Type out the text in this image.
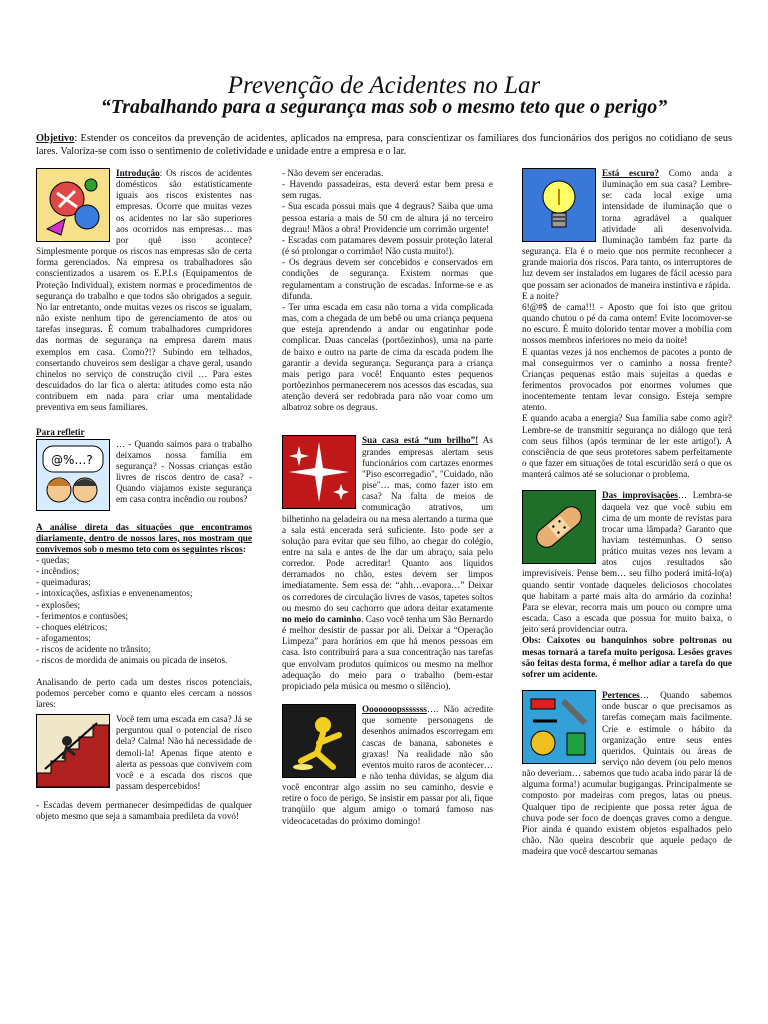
Prevenção de Acidentes no Lar
“Trabalhando para a segurança mas sob o mesmo teto que o perigo”
Objetivo: Estender os conceitos da prevenção de acidentes, aplicados na empresa, para conscientizar os familiares dos funcionários dos perigos no cotidiano de seus lares. Valoriza-se com isso o sentimento de coletividade e unidade entre a empresa e o lar.
Introdução: Os riscos de acidentes domésticos são estatisticamente iguais aos riscos existentes nas empresas. Ocorre que muitas vezes os acidentes no lar são superiores aos ocorridos nas empresas… mas por quê isso acontece? Simplesmente porque os riscos nas empresas são de certa forma gerenciados. Na empresa os trabalhadores são conscientizados a usarem os E.P.I.s (Equipamentos de Proteção Individual), existem normas e procedimentos de segurança do trabalho e que todos são obrigados a seguir. No lar entretanto, onde muitas vezes os riscos se igualam, não existe nenhum tipo de gerenciamento de atos ou tarefas inseguras. É comum trabalhadores cumpridores das normas de segurança na empresa darem maus exemplos em casa. Como?!? Subindo em telhados, consertando chuveiros sem desligar a chave geral, usando chinelos no serviço de construção civil … Para estes descuidados do lar fica o alerta: atitudes como esta não contribuem em nada para criar uma mentalidade preventiva em seus familiares.
Para refletir
@%…?
… - Quando saímos para o trabalho deixamos nossa família em segurança? - Nossas crianças estão livres de riscos dentro de casa? - Quando viajamos existe segurança em casa contra incêndio ou roubos?
A análise direta das situações que encontramos diariamente, dentro de nossos lares, nos mostram que convivemos sob o mesmo teto com os seguintes riscos:
- quedas;
- incêndios;
- queimaduras;
- intoxicações, asfixias e envenenamentos;
- explosões;
- ferimentos e contusões;
- choques elétricos;
- afogamentos;
- riscos de acidente no trânsito;
- riscos de mordida de animais ou picada de insetos.
Analisando de perto cada um destes riscos potenciais, podemos perceber como e quanto eles cercam a nossos lares:
Você tem uma escada em casa? Já se perguntou qual o potencial de risco dela? Calma! Não há necessidade de demoli-la! Apenas fique atento e alerta as pessoas que convivem com você e a escada dos riscos que passam despercebidos!
- Escadas devem permanecer desimpedidas de qualquer objeto mesmo que seja a samambaia predileta da vovó!
- Não devem ser enceradas.
- Havendo passadeiras, esta deverá estar bem presa e sem rugas.
- Sua escada possui mais que 4 degraus? Saiba que uma pessoa estaria a mais de 50 cm de altura já no terceiro degrau! Mãos a obra! Providencie um corrimão urgente!
- Escadas com patamares devem possuir proteção lateral (é só prolongar o corrimão! Não custa muito!).
- Os degraus devem ser concebidos e conservados em condições de segurança. Existem normas que regulamentam a construção de escadas. Informe-se e as difunda.
- Ter uma escada em casa não torna a vida complicada mas, com a chegada de um bebê ou uma criança pequena que esteja aprendendo a andar ou engatinhar pode complicar. Duas cancelas (portõezinhos), uma na parte de baixo e outro na parte de cima da escada podem lhe garantir a devida segurança. Segurança para a criança mais perigo para você! Enquanto estes pequenos portõezinhos permanecerem nos acessos das escadas, sua atenção deverá ser redobrada para não voar como um albatroz sobre os degraus.
Sua casa está “um brilho”! As grandes empresas alertam seus funcionários com cartazes enormes "Piso escorregadio", "Cuidado, não pise"… mas, como fazer isto em casa? Na falta de meios de comunicação atrativos, um bilhetinho na geladeira ou na mesa alertando a turma que a sala está encerada será suficiente. Isto pode ser a solução para evitar que seu filho, ao chegar do colégio, entre na sala e antes de lhe dar um abraço, saia pelo corredor. Pode acreditar! Quanto aos líquidos derramados no chão, estes devem ser limpos imediatamente. Sem essa de: “ahh…evapora…” Deixar os corredores de circulação livres de vasos, tapetes soltos ou mesmo do seu cachorro que adora deitar exatamente no meio do caminho. Caso você tenha um São Bernardo é melhor desistir de passar por ali. Deixar a “Operação Limpeza” para horários em que há menos pessoas em casa. Isto contribuirá para a sua concentração nas tarefas que envolvam produtos químicos ou mesmo na melhor adequação do meio para o trabalho (bem-estar propiciado pela música ou mesmo o silêncio).
Ooooooopsssssss…. Não acredite que somente personagens de desenhos animados escorregam em cascas de banana, sabonetes e graxas! Na realidade não são eventos muito raros de acontecer… e não tenha dúvidas, se algum dia você encontrar algo assim no seu caminho, desvie e retire o foco de perigo. Se insistir em passar por ali, fique tranqüilo que algum amigo o tomará famoso nas videocacetadas do próximo domingo!
Está escuro? Como anda a iluminação em sua casa? Lembre-se: cada local exige uma intensidade de iluminação que o torna agradável a qualquer atividade ali desenvolvida. Iluminação também faz parte da segurança. Ela é o meio que nos permite reconhecer a grande maioria dos riscos. Para tanto, os interruptores de luz devem ser instalados em lugares de fácil acesso para que possam ser acionados de maneira instintiva e rápida.
E a noite?
6!@#$ de cama!!! - Aposto que foi isto que gritou quando chutou o pé da cama ontem! Evite locomover-se no escuro. É muito dolorido tentar mover a mobília com nossos membros inferiores no meio da noite!
E quantas vezes já nos enchemos de pacotes a ponto de mal conseguirmos ver o caminho a nossa frente? Crianças pequenas estão mais sujeitas a quedas e ferimentos provocados por enormes volumes que inocentemente tentam levar consigo. Esteja sempre atento.
E quando acaba a energia? Sua família sabe como agir? Lembre-se de transmitir segurança no diálogo que terá com seus filhos (após terminar de ler este artigo!). A consciência de que seus protetores sabem perfeitamente o que fazer em situações de total escuridão será o que os manterá calmos até se solucionar o problema.
Das improvisações… Lembra-se daquela vez que você subiu em cima de um monte de revistas para trocar uma lâmpada? Garanto que haviam testemunhas. O senso prático muitas vezes nos levam a atos cujos resultados são imprevisíveis. Pense bem… seu filho poderá imitá-lo(a) quando sentir vontade daqueles deliciosos chocolates que habitam a parte mais alta do armário da cozinha! Para se elevar, recorra mais um pouco ou compre uma escada. Caso a escada que possua for muito baixa, o jeito será providenciar outra.
Obs: Caixotes ou banquinhos sobre poltronas ou mesas tornará a tarefa muito perigosa. Lesões graves são feitas desta forma, é melhor adiar a tarefa do que sofrer um acidente.
Pertences… Quando sabemos onde buscar o que precisamos as tarefas começam mais facilmente. Crie e estimule o hábito da organização entre seus entes queridos. Quintais ou áreas de serviço não devem (ou pelo menos não deveriam… sabemos que tudo acaba indo parar lá de alguma forma!) acumular bugigangas. Principalmente se composto por madeiras com pregos, latas ou pneus. Qualquer tipo de recipiente que possa reter água de chuva pode ser foco de doenças graves como a dengue. Pior ainda é quando existem objetos espalhados pelo chão. Não queira descobrir que aquele pedaço de madeira que você descartou semanas
